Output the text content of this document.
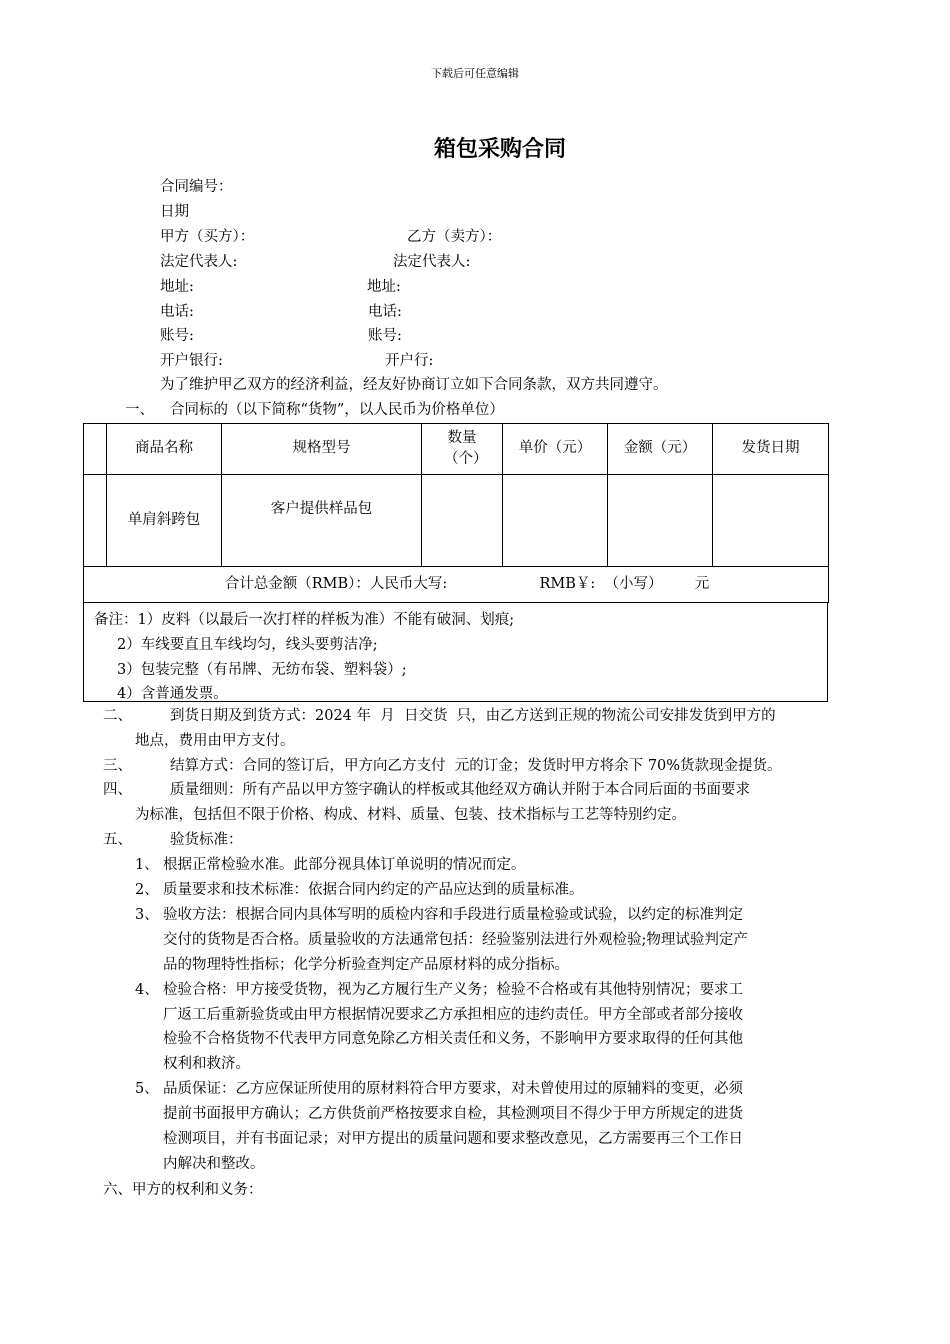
下载后可任意编辑
箱包采购合同
合同编号：
日期
甲方（买方）：	乙方（卖方）：
法定代表人:	法定代表人:
地址:	地址:
电话:	电话:
账号:	账号:
开户银行:	开户行:
为了维护甲乙双方的经济利益，经友好协商订立如下合同条款，双方共同遵守。
一、 合同标的（以下简称“货物”，以人民币为价格单位）
	商品名称	规格型号	数量（个）	单价（元）	金额（元）	发货日期
	单肩斜跨包	客户提供样品包				
合计总金额（RMB）：人民币大写:                    RMB￥:  （小写）       元						
备注：1）皮料（以最后一次打样的样板为准）不能有破洞、划痕;
2）车线要直且车线均匀，线头要剪洁净;
3）包装完整（有吊牌、无纺布袋、塑料袋）;
4）含普通发票。
二、	到货日期及到货方式：2024 年  月  日交货  只，由乙方送到正规的物流公司安排发货到甲方的
地点，费用由甲方支付。
三、	结算方式：合同的签订后，甲方向乙方支付  元的订金；发货时甲方将余下 70%货款现金提货。
四、	质量细则：所有产品以甲方签字确认的样板或其他经双方确认并附于本合同后面的书面要求
为标准，包括但不限于价格、构成、材料、质量、包装、技术指标与工艺等特别约定。
五、	验货标准：
1、 根据正常检验水准。此部分视具体订单说明的情况而定。
2、 质量要求和技术标准：依据合同内约定的产品应达到的质量标准。
3、 验收方法：根据合同内具体写明的质检内容和手段进行质量检验或试验，以约定的标准判定
交付的货物是否合格。质量验收的方法通常包括：经验鉴别法进行外观检验;物理试验判定产
品的物理特性指标；化学分析验查判定产品原材料的成分指标。
4、 检验合格：甲方接受货物，视为乙方履行生产义务；检验不合格或有其他特别情况；要求工
厂返工后重新验货或由甲方根据情况要求乙方承担相应的违约责任。甲方全部或者部分接收
检验不合格货物不代表甲方同意免除乙方相关责任和义务，不影响甲方要求取得的任何其他
权利和救济。
5、 品质保证：乙方应保证所使用的原材料符合甲方要求，对未曾使用过的原辅料的变更，必须
提前书面报甲方确认；乙方供货前严格按要求自检，其检测项目不得少于甲方所规定的进货
检测项目，并有书面记录；对甲方提出的质量问题和要求整改意见，乙方需要再三个工作日
内解决和整改。
六、甲方的权利和义务：
